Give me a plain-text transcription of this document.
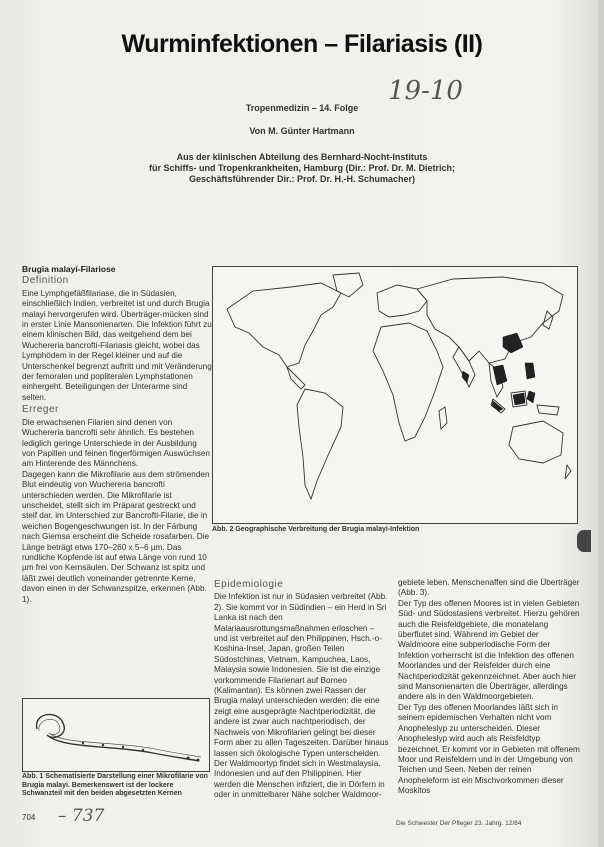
Wurminfektionen – Filariasis (II)
19-10
Tropenmedizin – 14. Folge
Von M. Günter Hartmann
Aus der klinischen Abteilung des Bernhard-Nocht-Instituts
für Schiffs- und Tropenkrankheiten, Hamburg (Dir.: Prof. Dr. M. Dietrich;
Geschäftsführender Dir.: Prof. Dr. H.-H. Schumacher)
Brugia malayi-Filariose
Definition

Eine Lymphgefäßfilariase, die in Südasien, einschließlich Indien, verbreitet ist und durch Brugia malayi hervorgerufen wird. Überträger-mücken sind in erster Linie Mansonienarten. Die Infektion führt zu einem klinischen Bild, das weitgehend dem bei Wuchereria bancrofti-Filariasis gleicht, wobei das Lymphödem in der Regel kleiner und auf die Unterschenkel begrenzt auftritt und mit Veränderung der femoralen und popliteralen Lymphstationen einhergeht. Beteiligungen der Unterarme sind selten.

Erreger

Die erwachsenen Filarien sind denen von Wuchereria bancrofti sehr ähnlich. Es bestehen lediglich geringe Unterschiede in der Ausbildung von Papillen und feinen fingerförmigen Auswüchsen am Hinterende des Männchens.

Dagegen kann die Mikrofilarie aus dem strömenden Blut eindeutig von Wuchereria bancrofti unterschieden werden. Die Mikrofilarie ist unscheidet, stellt sich im Präparat gestreckt und steif dar, im Unterschied zur Bancrofti-Filarie, die in weichen Bogengeschwungen ist. In der Färbung nach Giemsa erscheint die Scheide rosafarben. Die Länge beträgt etwa 170–260 x 5–6 µm. Das rundliche Kopfende ist auf etwa Länge von rund 10 µm frei von Kernsäulen. Der Schwanz ist spitz und läßt zwei deutlich voneinander getrennte Kerne, davon einen in der Schwanzspitze, erkennen (Abb. 1).

Abb. 2 Geographische Verbreitung der Brugia malayi-Infektion
Epidemiologie

Die Infektion ist nur in Südasien verbreitet (Abb. 2). Sie kommt vor in Südindien – ein Herd in Sri Lanka ist nach den Malariaausrottungsmaßnahmen erloschen – und ist verbreitet auf den Philippinen, Hsch.-o-Koshina-Insel, Japan, großen Teilen Südostchinas, Vietnam, Kampuchea, Laos, Malaysia sowie Indonesien. Sie ist die einzige vorkommende Filarienart auf Borneo (Kalimantan). Es können zwei Rassen der Brugia malayi unterschieden werden: die eine zeigt eine ausgeprägte Nachtperiodizität, die andere ist zwar auch nachtperiodisch, der Nachweis von Mikrofilarien gelingt bei dieser Form aber zu allen Tageszeiten. Darüber hinaus lassen sich ökologische Typen unterscheiden.

Der Waldmoortyp findet sich in Westmalaysia, Indonesien und auf den Philippinen. Hier werden die Menschen infiziert, die in Dörfern in oder in unmittelbarer Nähe solcher Waldmoor-

gebiete leben. Menschenaffen sind die Überträger (Abb. 3).

Der Typ des offenen Moores ist in vielen Gebieten Süd- und Südostasiens verbreitet. Hierzu gehören auch die Reisfeldgebiete, die monatelang überflutet sind. Während im Gebiet der Waldmoore eine subperiodische Form der Infektion vorherrscht ist die Infektion des offenen Moorlandes und der Reisfelder durch eine Nachtperiodizität gekennzeichnet. Aber auch hier sind Mansonienarten die Überträger, allerdings andere als in den Waldmoorgebieten.

Der Typ des offenen Moorlandes läßt sich in seinem epidemischen Verhalten nicht vom Anopheleslyp zu unterscheiden. Dieser Anopheleslyp wird auch als Reisfeldtyp bezeichnet. Er kommt vor in Gebieten mit offenem Moor und Reisfeldern und in der Umgebung von Teichen und Seen. Neben der reinen Anopheleform ist ein Mischvorkommen dieser Moskitos

Abb. 1 Schematisierte Darstellung einer Mikrofilarie von Brugia malayi. Bemerkenswert ist der lockere Schwanzteil mit den beiden abgesetzten Kernen
704 – 737	Die Schwester Der Pfleger 23. Jahrg. 12/84
